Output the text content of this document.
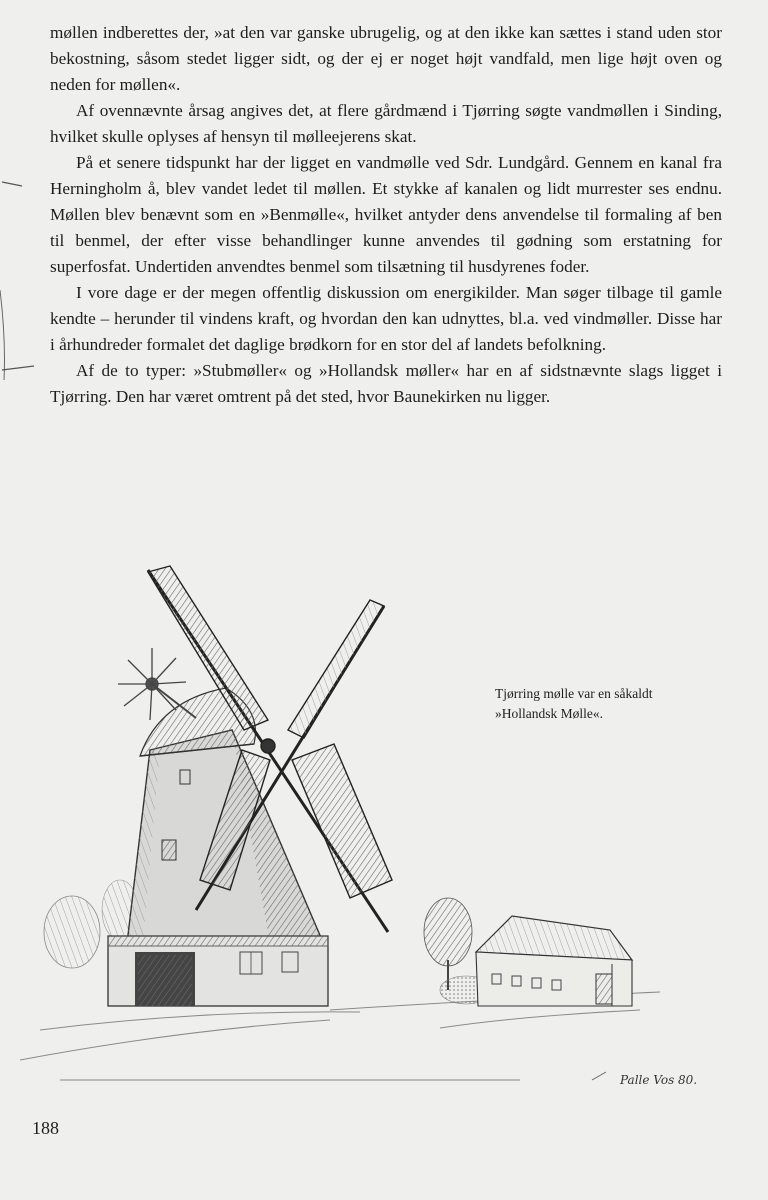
møllen indberettes der, »at den var ganske ubrugelig, og at den ikke kan sættes i stand uden stor bekostning, såsom stedet ligger sidt, og der ej er noget højt vandfald, men lige højt oven og neden for møllen«.

Af ovennævnte årsag angives det, at flere gårdmænd i Tjørring søgte vandmøllen i Sinding, hvilket skulle oplyses af hensyn til mølleejerens skat.

På et senere tidspunkt har der ligget en vandmølle ved Sdr. Lundgård. Gennem en kanal fra Herningholm å, blev vandet ledet til møllen. Et stykke af kanalen og lidt murrester ses endnu. Møllen blev benævnt som en »Benmølle«, hvilket antyder dens anvendelse til formaling af ben til benmel, der efter visse behandlinger kunne anvendes til gødning som erstatning for superfosfat. Undertiden anvendtes benmel som tilsætning til husdyrenes foder.

I vore dage er der megen offentlig diskussion om energikilder. Man søger tilbage til gamle kendte – herunder til vindens kraft, og hvordan den kan udnyttes, bl.a. ved vindmøller. Disse har i århundreder formalet det daglige brødkorn for en stor del af landets befolkning.

Af de to typer: »Stubmøller« og »Hollandsk møller« har en af sidstnævnte slags ligget i Tjørring. Den har været omtrent på det sted, hvor Baunekirken nu ligger.

Tjørring mølle var en såkaldt
»Hollandsk Mølle«.
Palle Vos 80.
188
